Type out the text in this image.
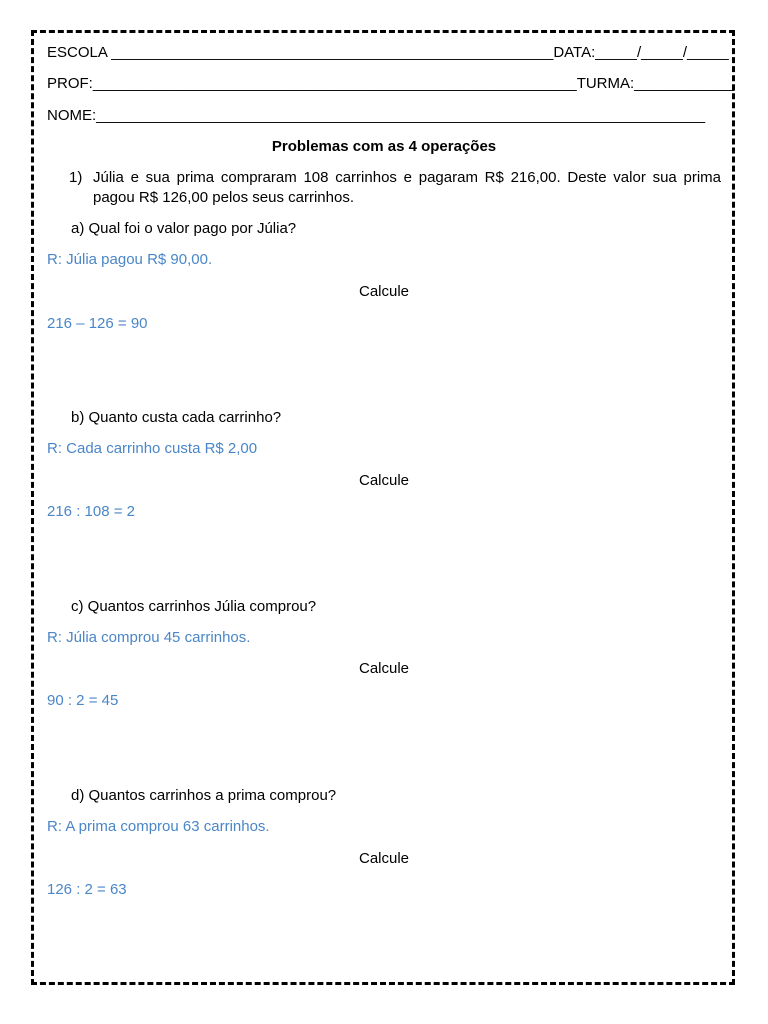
ESCOLA _____________________________________________________DATA:_____/_____/_____
PROF:__________________________________________________________TURMA:____________
NOME:_________________________________________________________________________
Problemas com as 4 operações
1) Júlia e sua prima compraram 108 carrinhos e pagaram R$ 216,00. Deste valor sua prima pagou R$ 126,00 pelos seus carrinhos.
a) Qual foi o valor pago por Júlia?
R: Júlia pagou R$ 90,00.
Calcule
216 – 126 = 90
b) Quanto custa cada carrinho?
R: Cada carrinho custa R$ 2,00
Calcule
216 : 108 = 2
c) Quantos carrinhos Júlia comprou?
R: Júlia comprou 45 carrinhos.
Calcule
90 : 2 = 45
d) Quantos carrinhos a prima comprou?
R: A prima comprou 63 carrinhos.
Calcule
126 : 2 = 63
